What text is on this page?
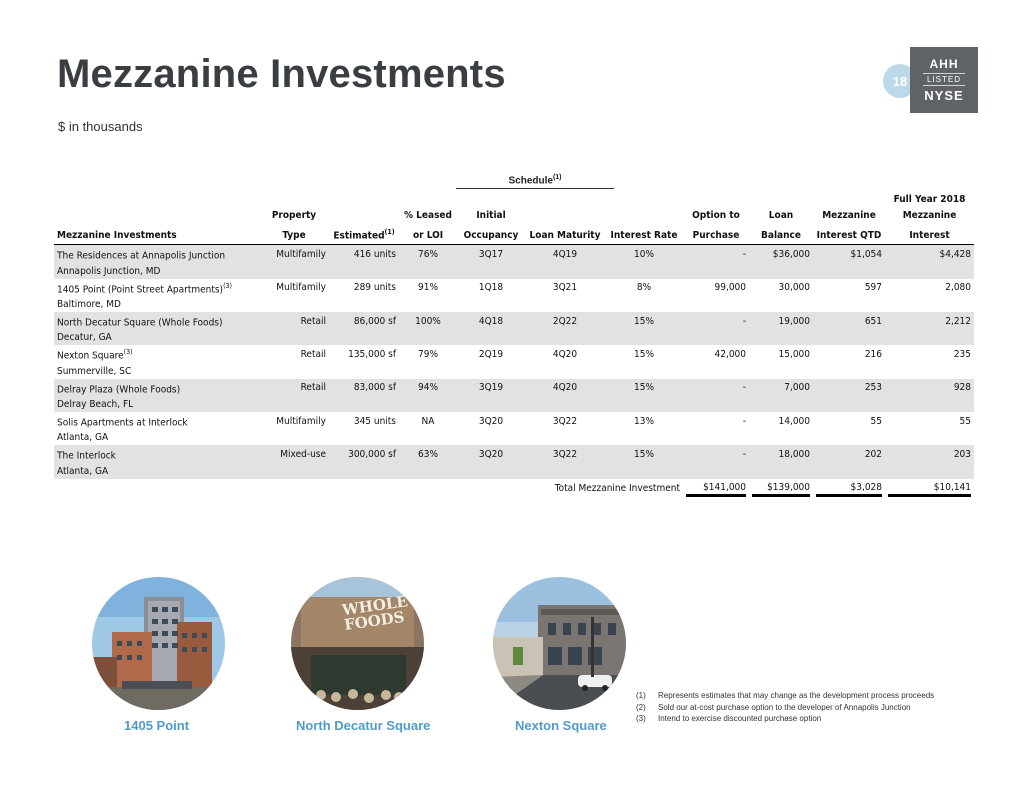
Mezzanine Investments
$ in thousands
18
AHH
LISTED
NYSE
Schedule$^{(1)}$
										Full Year 2018
	Property		% Leased	Initial			Option to	Loan	Mezzanine	Mezzanine
Mezzanine Investments	Type	Estimated$^{(1)}$	or LOI	Occupancy	Loan Maturity	Interest Rate	Purchase	Balance	Interest QTD	Interest
The Residences at Annapolis Junction	Multifamily	416 units	76%	3Q17	4Q19	10%	-	$36,000	$1,054	$4,428
Annapolis Junction, MD										
1405 Point (Point Street Apartments)$^{(3)}$	Multifamily	289 units	91%	1Q18	3Q21	8%	99,000	30,000	597	2,080
Baltimore, MD										
North Decatur Square (Whole Foods)	Retail	86,000 sf	100%	4Q18	2Q22	15%	-	19,000	651	2,212
Decatur, GA										
Nexton Square$^{(3)}$	Retail	135,000 sf	79%	2Q19	4Q20	15%	42,000	15,000	216	235
Summerville, SC										
Delray Plaza (Whole Foods)	Retail	83,000 sf	94%	3Q19	4Q20	15%	-	7,000	253	928
Delray Beach, FL										
Solis Apartments at Interlock	Multifamily	345 units	NA	3Q20	3Q22	13%	-	14,000	55	55
Atlanta, GA										
The Interlock	Mixed-use	300,000 sf	63%	3Q20	3Q22	15%	-	18,000	202	203
Atlanta, GA										
					Total Mezzanine Investment		$141,000	$139,000	$3,028	$10,141
1405 Point
WHOLE FOODS
North Decatur Square	Nexton Square
(1) Represents estimates that may change as the development process proceeds
(2) Sold our at-cost purchase option to the developer of Annapolis Junction
(3) Intend to exercise discounted purchase option
